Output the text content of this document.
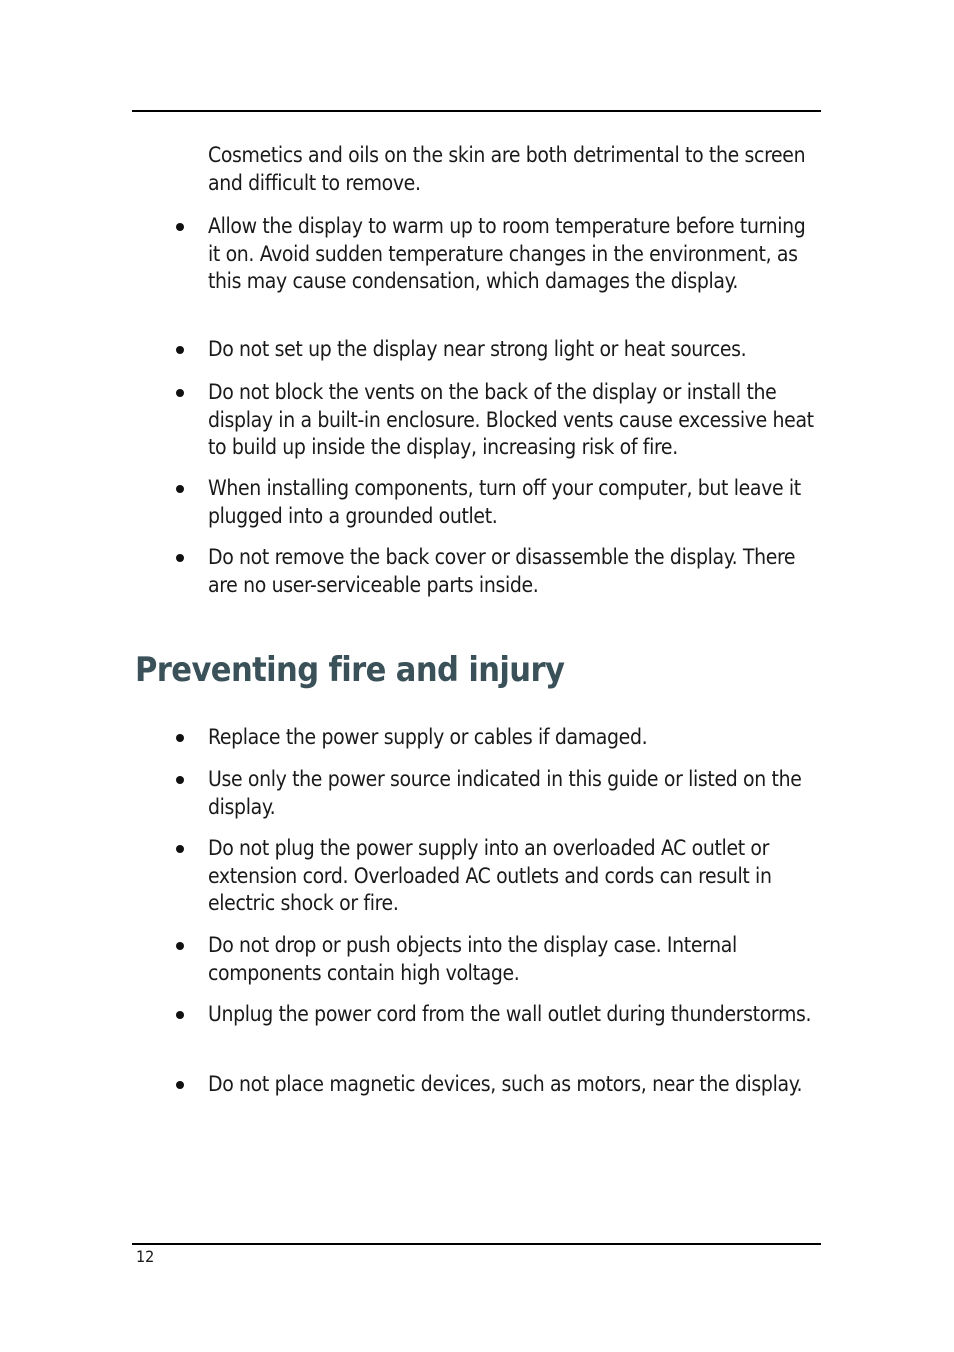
Cosmetics and oils on the skin are both detrimental to the screen and difficult to remove.

Allow the display to warm up to room temperature before turning it on. Avoid sudden temperature changes in the environment, as this may cause condensation, which damages the display.

Do not set up the display near strong light or heat sources.

Do not block the vents on the back of the display or install the display in a built-in enclosure. Blocked vents cause excessive heat to build up inside the display, increasing risk of fire.

When installing components, turn off your computer, but leave it plugged into a grounded outlet.

Do not remove the back cover or disassemble the display. There are no user-serviceable parts inside.

Preventing fire and injury

Replace the power supply or cables if damaged.

Use only the power source indicated in this guide or listed on the display.

Do not plug the power supply into an overloaded AC outlet or extension cord. Overloaded AC outlets and cords can result in electric shock or fire.

Do not drop or push objects into the display case. Internal components contain high voltage.

Unplug the power cord from the wall outlet during thunderstorms.

Do not place magnetic devices, such as motors, near the display.

12
